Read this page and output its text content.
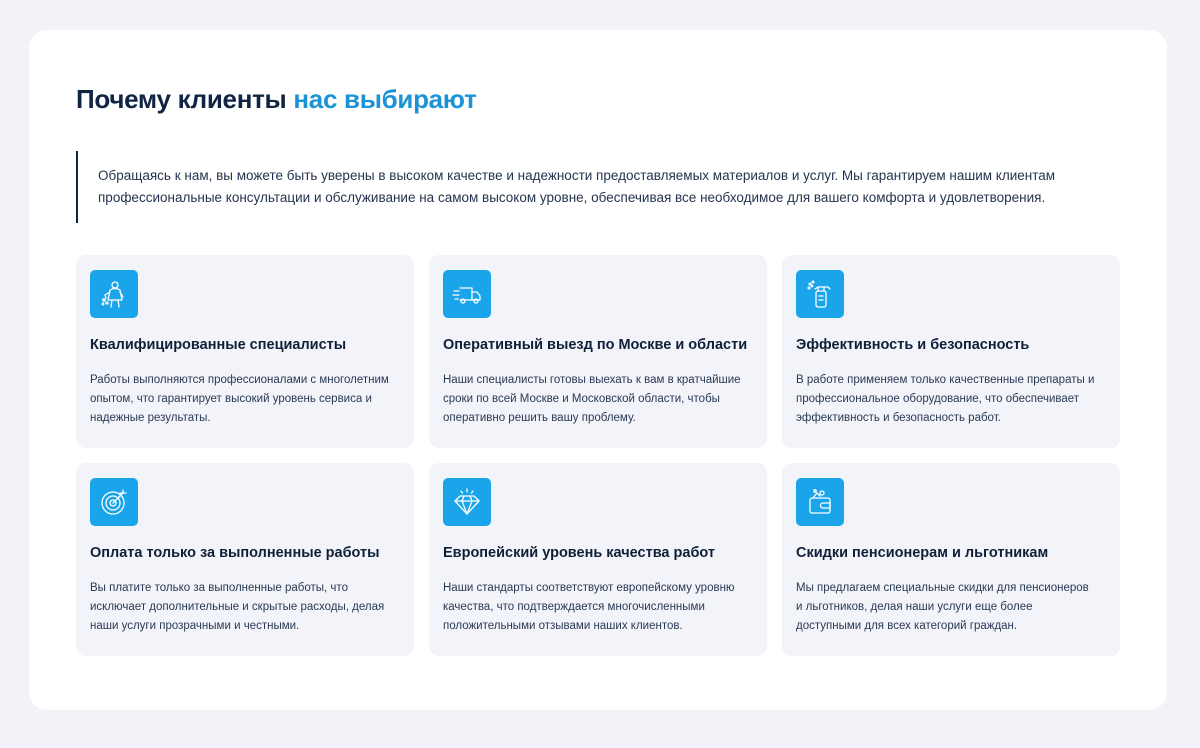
Почему клиенты нас выбирают
Обращаясь к нам, вы можете быть уверены в высоком качестве и надежности предоставляемых материалов и услуг. Мы гарантируем нашим клиентам профессиональные консультации и обслуживание на самом высоком уровне, обеспечивая все необходимое для вашего комфорта и удовлетворения.
Квалифицированные специалисты

Работы выполняются профессионалами с многолетним опытом, что гарантирует высокий уровень сервиса и надежные результаты.

Оперативный выезд по Москве и области

Наши специалисты готовы выехать к вам в кратчайшие сроки по всей Москве и Московской области, чтобы оперативно решить вашу проблему.

Эффективность и безопасность

В работе применяем только качественные препараты и профессиональное оборудование, что обеспечивает эффективность и безопасность работ.

Оплата только за выполненные работы

Вы платите только за выполненные работы, что исключает дополнительные и скрытые расходы, делая наши услуги прозрачными и честными.

Европейский уровень качества работ

Наши стандарты соответствуют европейскому уровню качества, что подтверждается многочисленными положительными отзывами наших клиентов.

Скидки пенсионерам и льготникам

Мы предлагаем специальные скидки для пенсионеров и льготников, делая наши услуги еще более доступными для всех категорий граждан.
